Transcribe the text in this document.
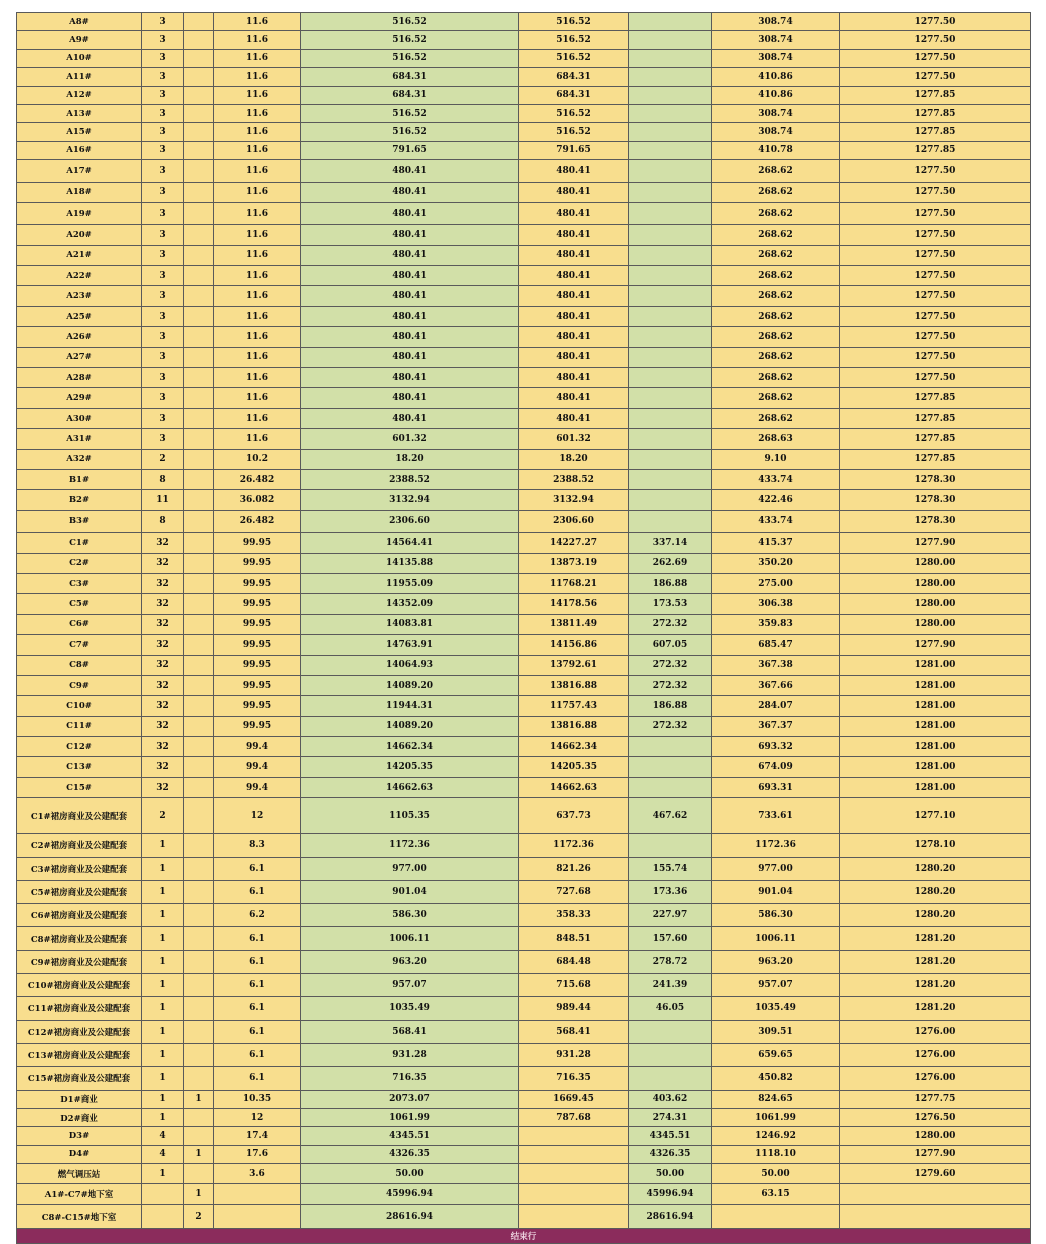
A8#	3		11.6	516.52	516.52		308.74	1277.50
A9#	3		11.6	516.52	516.52		308.74	1277.50
A10#	3		11.6	516.52	516.52		308.74	1277.50
A11#	3		11.6	684.31	684.31		410.86	1277.50
A12#	3		11.6	684.31	684.31		410.86	1277.85
A13#	3		11.6	516.52	516.52		308.74	1277.85
A15#	3		11.6	516.52	516.52		308.74	1277.85
A16#	3		11.6	791.65	791.65		410.78	1277.85
A17#	3		11.6	480.41	480.41		268.62	1277.50
A18#	3		11.6	480.41	480.41		268.62	1277.50
A19#	3		11.6	480.41	480.41		268.62	1277.50
A20#	3		11.6	480.41	480.41		268.62	1277.50
A21#	3		11.6	480.41	480.41		268.62	1277.50
A22#	3		11.6	480.41	480.41		268.62	1277.50
A23#	3		11.6	480.41	480.41		268.62	1277.50
A25#	3		11.6	480.41	480.41		268.62	1277.50
A26#	3		11.6	480.41	480.41		268.62	1277.50
A27#	3		11.6	480.41	480.41		268.62	1277.50
A28#	3		11.6	480.41	480.41		268.62	1277.50
A29#	3		11.6	480.41	480.41		268.62	1277.85
A30#	3		11.6	480.41	480.41		268.62	1277.85
A31#	3		11.6	601.32	601.32		268.63	1277.85
A32#	2		10.2	18.20	18.20		9.10	1277.85
B1#	8		26.482	2388.52	2388.52		433.74	1278.30
B2#	11		36.082	3132.94	3132.94		422.46	1278.30
B3#	8		26.482	2306.60	2306.60		433.74	1278.30
C1#	32		99.95	14564.41	14227.27	337.14	415.37	1277.90
C2#	32		99.95	14135.88	13873.19	262.69	350.20	1280.00
C3#	32		99.95	11955.09	11768.21	186.88	275.00	1280.00
C5#	32		99.95	14352.09	14178.56	173.53	306.38	1280.00
C6#	32		99.95	14083.81	13811.49	272.32	359.83	1280.00
C7#	32		99.95	14763.91	14156.86	607.05	685.47	1277.90
C8#	32		99.95	14064.93	13792.61	272.32	367.38	1281.00
C9#	32		99.95	14089.20	13816.88	272.32	367.66	1281.00
C10#	32		99.95	11944.31	11757.43	186.88	284.07	1281.00
C11#	32		99.95	14089.20	13816.88	272.32	367.37	1281.00
C12#	32		99.4	14662.34	14662.34		693.32	1281.00
C13#	32		99.4	14205.35	14205.35		674.09	1281.00
C15#	32		99.4	14662.63	14662.63		693.31	1281.00
C1#裙房商业及公建配套	2		12	1105.35	637.73	467.62	733.61	1277.10
C2#裙房商业及公建配套	1		8.3	1172.36	1172.36		1172.36	1278.10
C3#裙房商业及公建配套	1		6.1	977.00	821.26	155.74	977.00	1280.20
C5#裙房商业及公建配套	1		6.1	901.04	727.68	173.36	901.04	1280.20
C6#裙房商业及公建配套	1		6.2	586.30	358.33	227.97	586.30	1280.20
C8#裙房商业及公建配套	1		6.1	1006.11	848.51	157.60	1006.11	1281.20
C9#裙房商业及公建配套	1		6.1	963.20	684.48	278.72	963.20	1281.20
C10#裙房商业及公建配套	1		6.1	957.07	715.68	241.39	957.07	1281.20
C11#裙房商业及公建配套	1		6.1	1035.49	989.44	46.05	1035.49	1281.20
C12#裙房商业及公建配套	1		6.1	568.41	568.41		309.51	1276.00
C13#裙房商业及公建配套	1		6.1	931.28	931.28		659.65	1276.00
C15#裙房商业及公建配套	1		6.1	716.35	716.35		450.82	1276.00
D1#商业	1	1	10.35	2073.07	1669.45	403.62	824.65	1277.75
D2#商业	1		12	1061.99	787.68	274.31	1061.99	1276.50
D3#	4		17.4	4345.51		4345.51	1246.92	1280.00
D4#	4	1	17.6	4326.35		4326.35	1118.10	1277.90
燃气调压站	1		3.6	50.00		50.00	50.00	1279.60
A1#-C7#地下室		1		45996.94		45996.94	63.15	
C8#-C15#地下室		2		28616.94		28616.94		
结束行								
